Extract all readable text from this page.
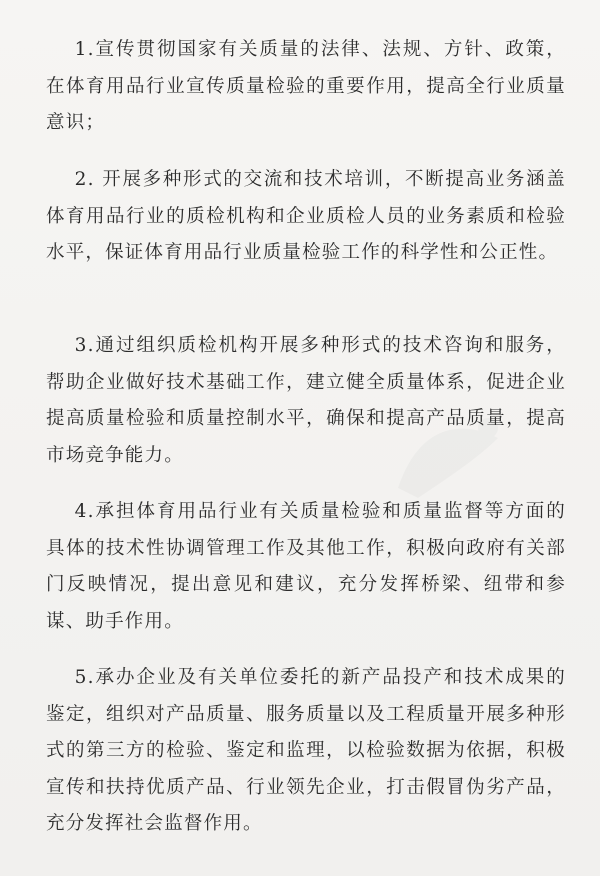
1.宣传贯彻国家有关质量的法律、法规、方针、政策，在体育用品行业宣传质量检验的重要作用，提高全行业质量意识；

2. 开展多种形式的交流和技术培训，不断提高业务涵盖体育用品行业的质检机构和企业质检人员的业务素质和检验水平，保证体育用品行业质量检验工作的科学性和公正性。

3.通过组织质检机构开展多种形式的技术咨询和服务，帮助企业做好技术基础工作，建立健全质量体系，促进企业提高质量检验和质量控制水平，确保和提高产品质量，提高市场竞争能力。

4.承担体育用品行业有关质量检验和质量监督等方面的具体的技术性协调管理工作及其他工作，积极向政府有关部门反映情况，提出意见和建议，充分发挥桥梁、纽带和参谋、助手作用。

5.承办企业及有关单位委托的新产品投产和技术成果的鉴定，组织对产品质量、服务质量以及工程质量开展多种形式的第三方的检验、鉴定和监理，以检验数据为依据，积极宣传和扶持优质产品、行业领先企业，打击假冒伪劣产品，充分发挥社会监督作用。
